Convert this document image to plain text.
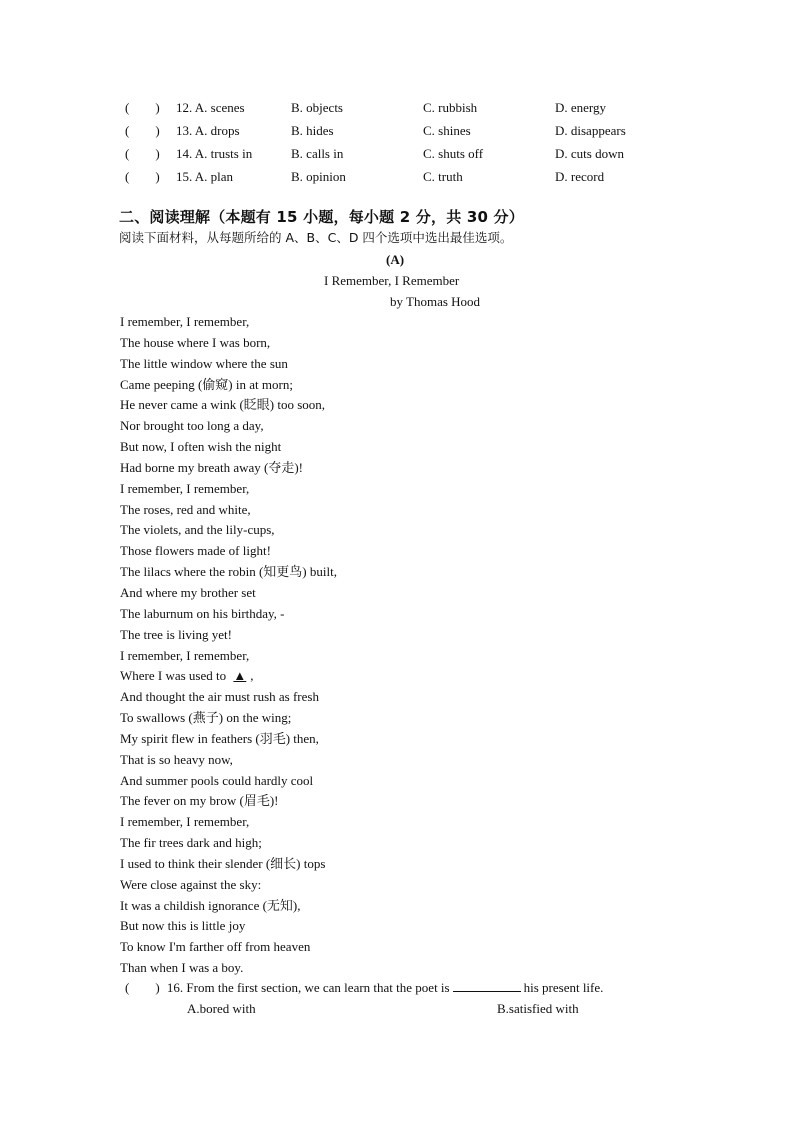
(　　) 12. A. scenes	B. objects	C. rubbish	D. energy
(　　) 13. A. drops	B. hides	C. shines	D. disappears
(　　) 14. A. trusts in	B. calls in	C. shuts off	D. cuts down
(　　) 15. A. plan	B. opinion	C. truth	D. record
二、阅读理解（本题有 15 小题，每小题 2 分，共 30 分）
阅读下面材料，从每题所给的 A、B、C、D 四个选项中选出最佳选项。
(A)
I Remember, I Remember
by Thomas Hood
I remember, I remember,
The house where I was born,
The little window where the sun
Came peeping (偷窥) in at morn;
He never came a wink (眨眼) too soon,
Nor brought too long a day,
But now, I often wish the night
Had borne my breath away (夺走)!
I remember, I remember,
The roses, red and white,
The violets, and the lily-cups,
Those flowers made of light!
The lilacs where the robin (知更鸟) built,
And where my brother set
The laburnum on his birthday, -
The tree is living yet!
I remember, I remember,
Where I was used to ▲ ,
And thought the air must rush as fresh
To swallows (燕子) on the wing;
My spirit flew in feathers (羽毛) then,
That is so heavy now,
And summer pools could hardly cool
The fever on my brow (眉毛)!
I remember, I remember,
The fir trees dark and high;
I used to think their slender (细长) tops
Were close against the sky:
It was a childish ignorance (无知),
But now this is little joy
To know I'm farther off from heaven
Than when I was a boy.
(　　) 16. From the first section, we can learn that the poet is	his present life.
A.bored with	B.satisfied with
